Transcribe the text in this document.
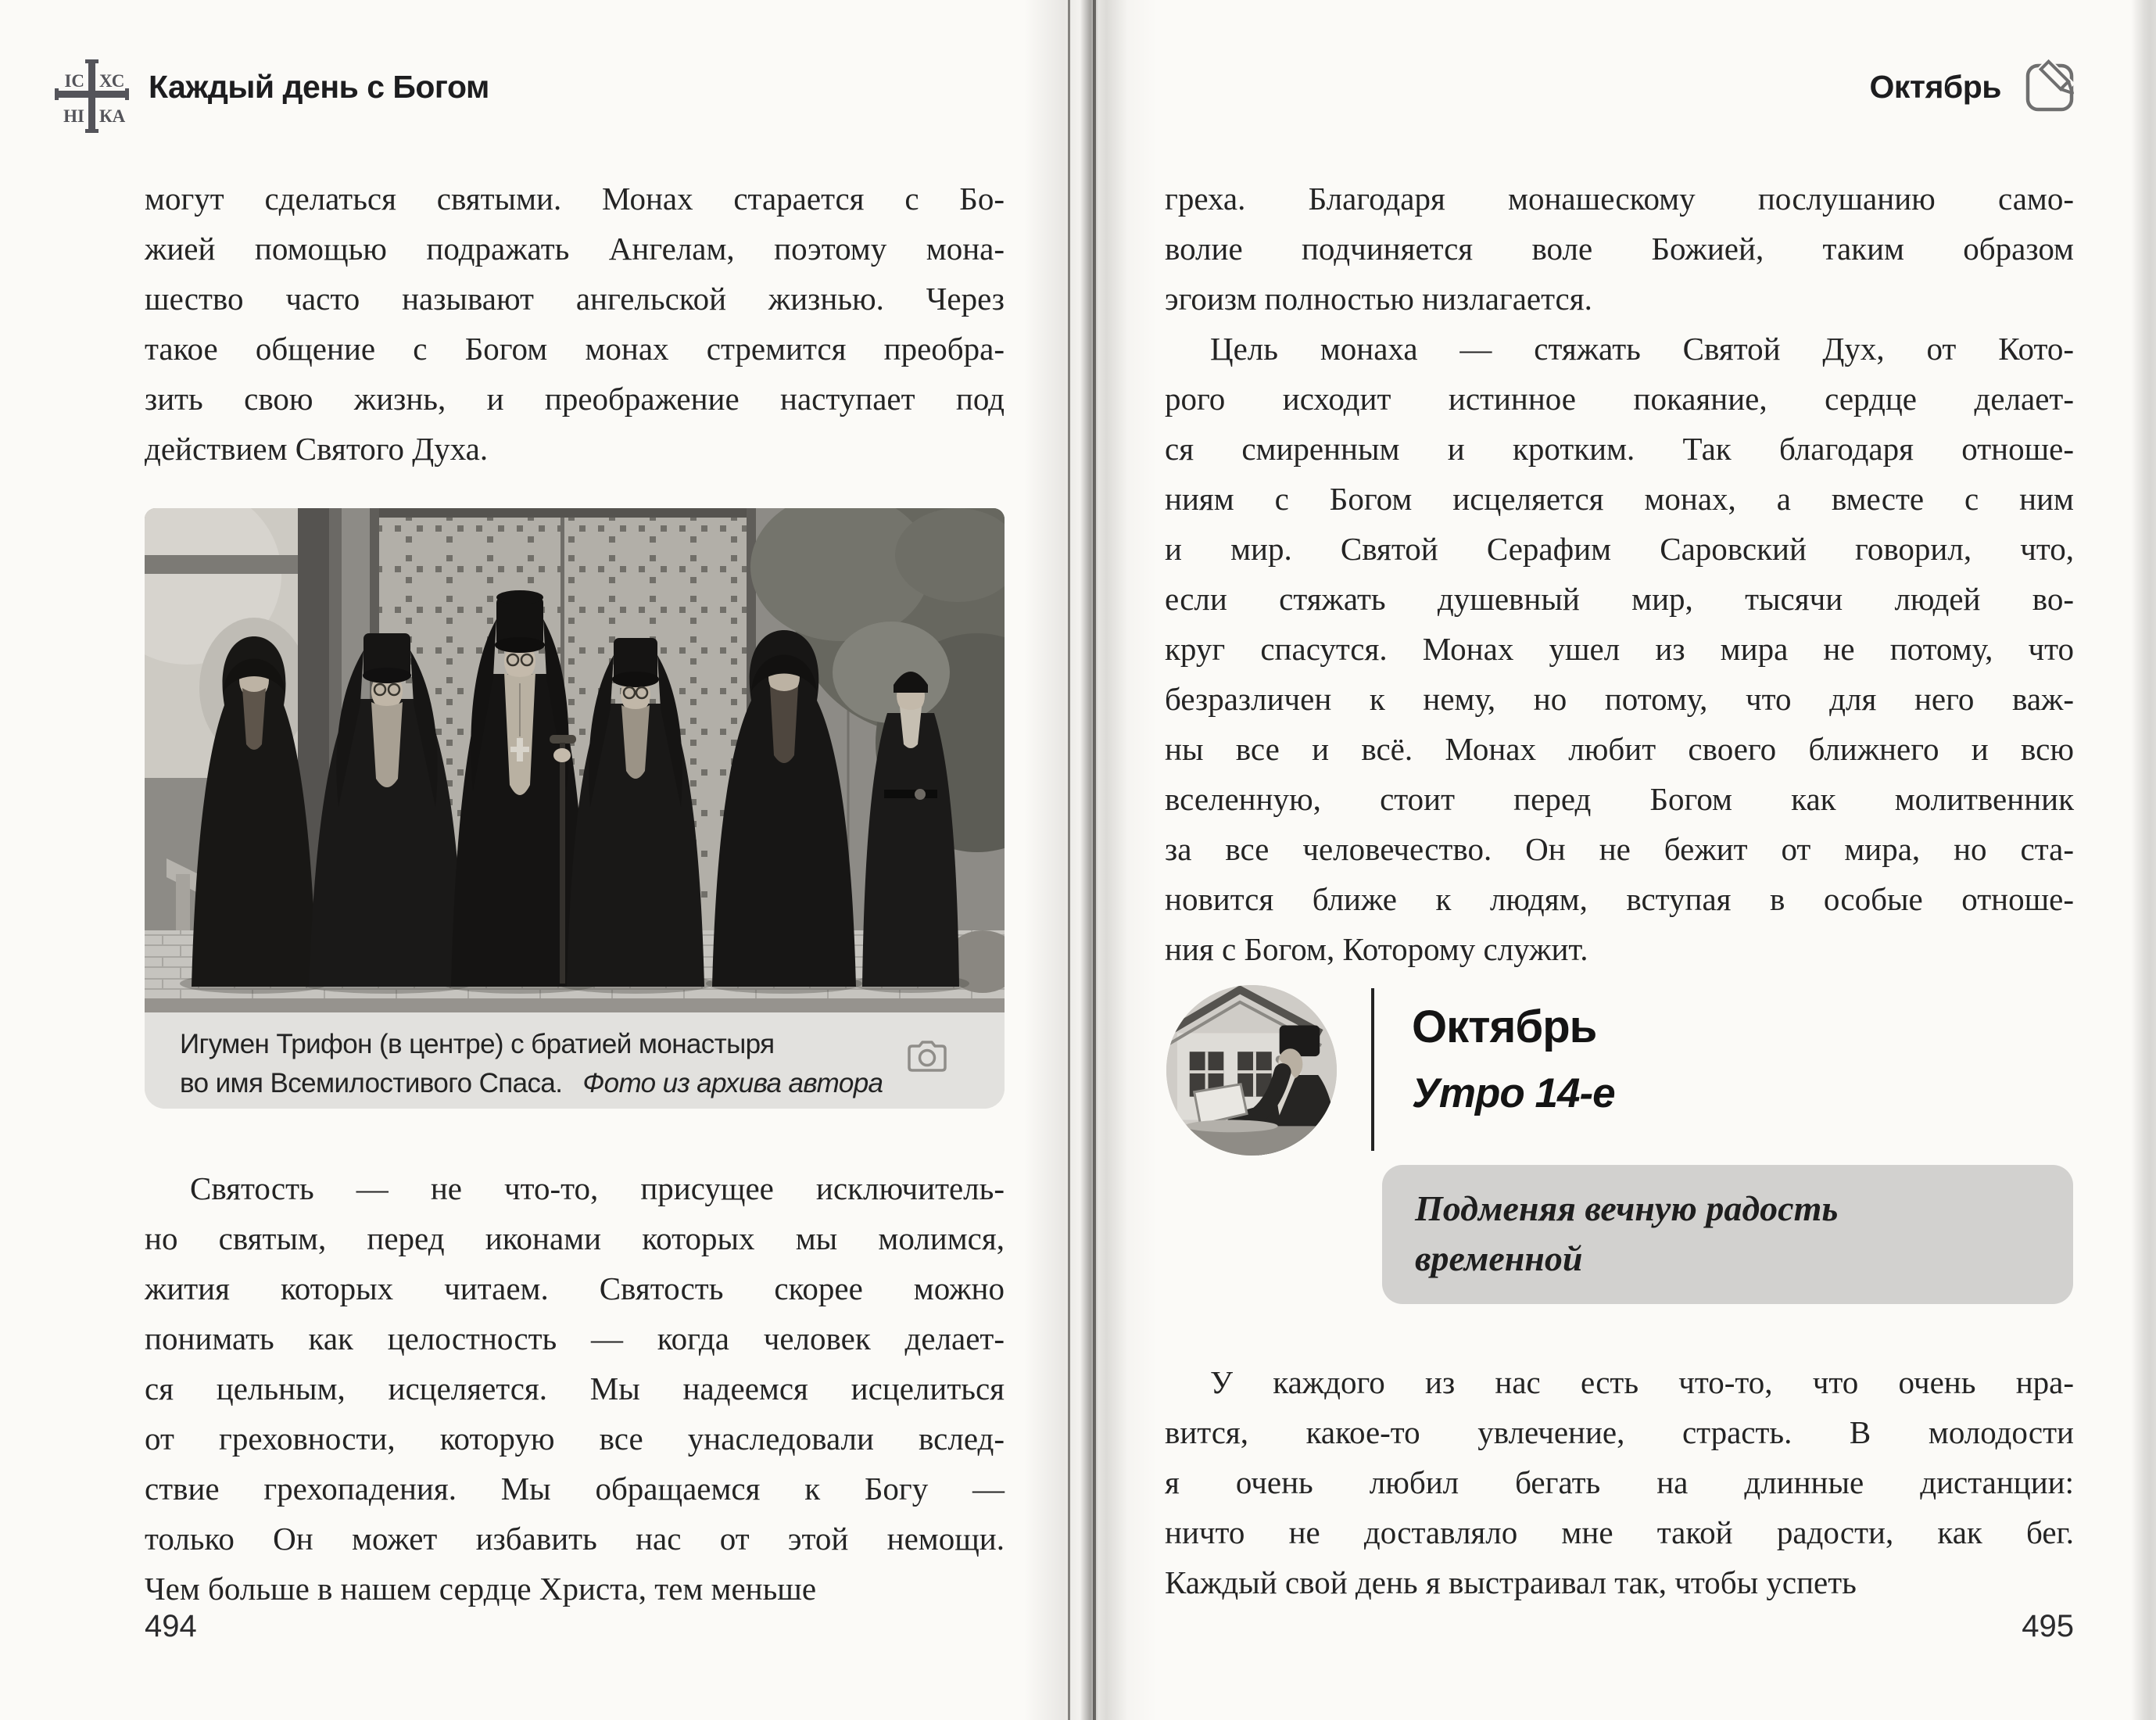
ІС ХС
НІ КА
Каждый день с Богом	Октябрь
могут сделаться святыми. Монах старается с Бо-
жией помощью подражать Ангелам, поэтому мона-
шество часто называют ангельской жизнью. Через
такое общение с Богом монах стремится преобра-
зить свою жизнь, и преображение наступает под
действием Святого Духа.
Игумен Трифон (в центре) с братией монастыря
во имя Всемилостивого Спаса. Фото из архива автора
Святость — не что-то, присущее исключитель-
но святым, перед иконами которых мы молимся,
жития которых читаем. Святость скорее можно
понимать как целостность — когда человек делает-
ся цельным, исцеляется. Мы надеемся исцелиться
от греховности, которую все унаследовали вслед-
ствие грехопадения. Мы обращаемся к Богу —
только Он может избавить нас от этой немощи.
Чем больше в нашем сердце Христа, тем меньше
494
греха. Благодаря монашескому послушанию само-
волие подчиняется воле Божией, таким образом
эгоизм полностью низлагается.
Цель монаха — стяжать Святой Дух, от Кото-
рого исходит истинное покаяние, сердце делает-
ся смиренным и кротким. Так благодаря отноше-
ниям с Богом исцеляется монах, а вместе с ним
и мир. Святой Серафим Саровский говорил, что,
если стяжать душевный мир, тысячи людей во-
круг спасутся. Монах ушел из мира не потому, что
безразличен к нему, но потому, что для него важ-
ны все и всё. Монах любит своего ближнего и всю
вселенную, стоит перед Богом как молитвенник
за все человечество. Он не бежит от мира, но ста-
новится ближе к людям, вступая в особые отноше-
ния с Богом, Которому служит.
Октябрь
Утро 14-е
Подменяя вечную радость
временной
У каждого из нас есть что-то, что очень нра-
вится, какое-то увлечение, страсть. В молодости
я очень любил бегать на длинные дистанции:
ничто не доставляло мне такой радости, как бег.
Каждый свой день я выстраивал так, чтобы успеть
495
